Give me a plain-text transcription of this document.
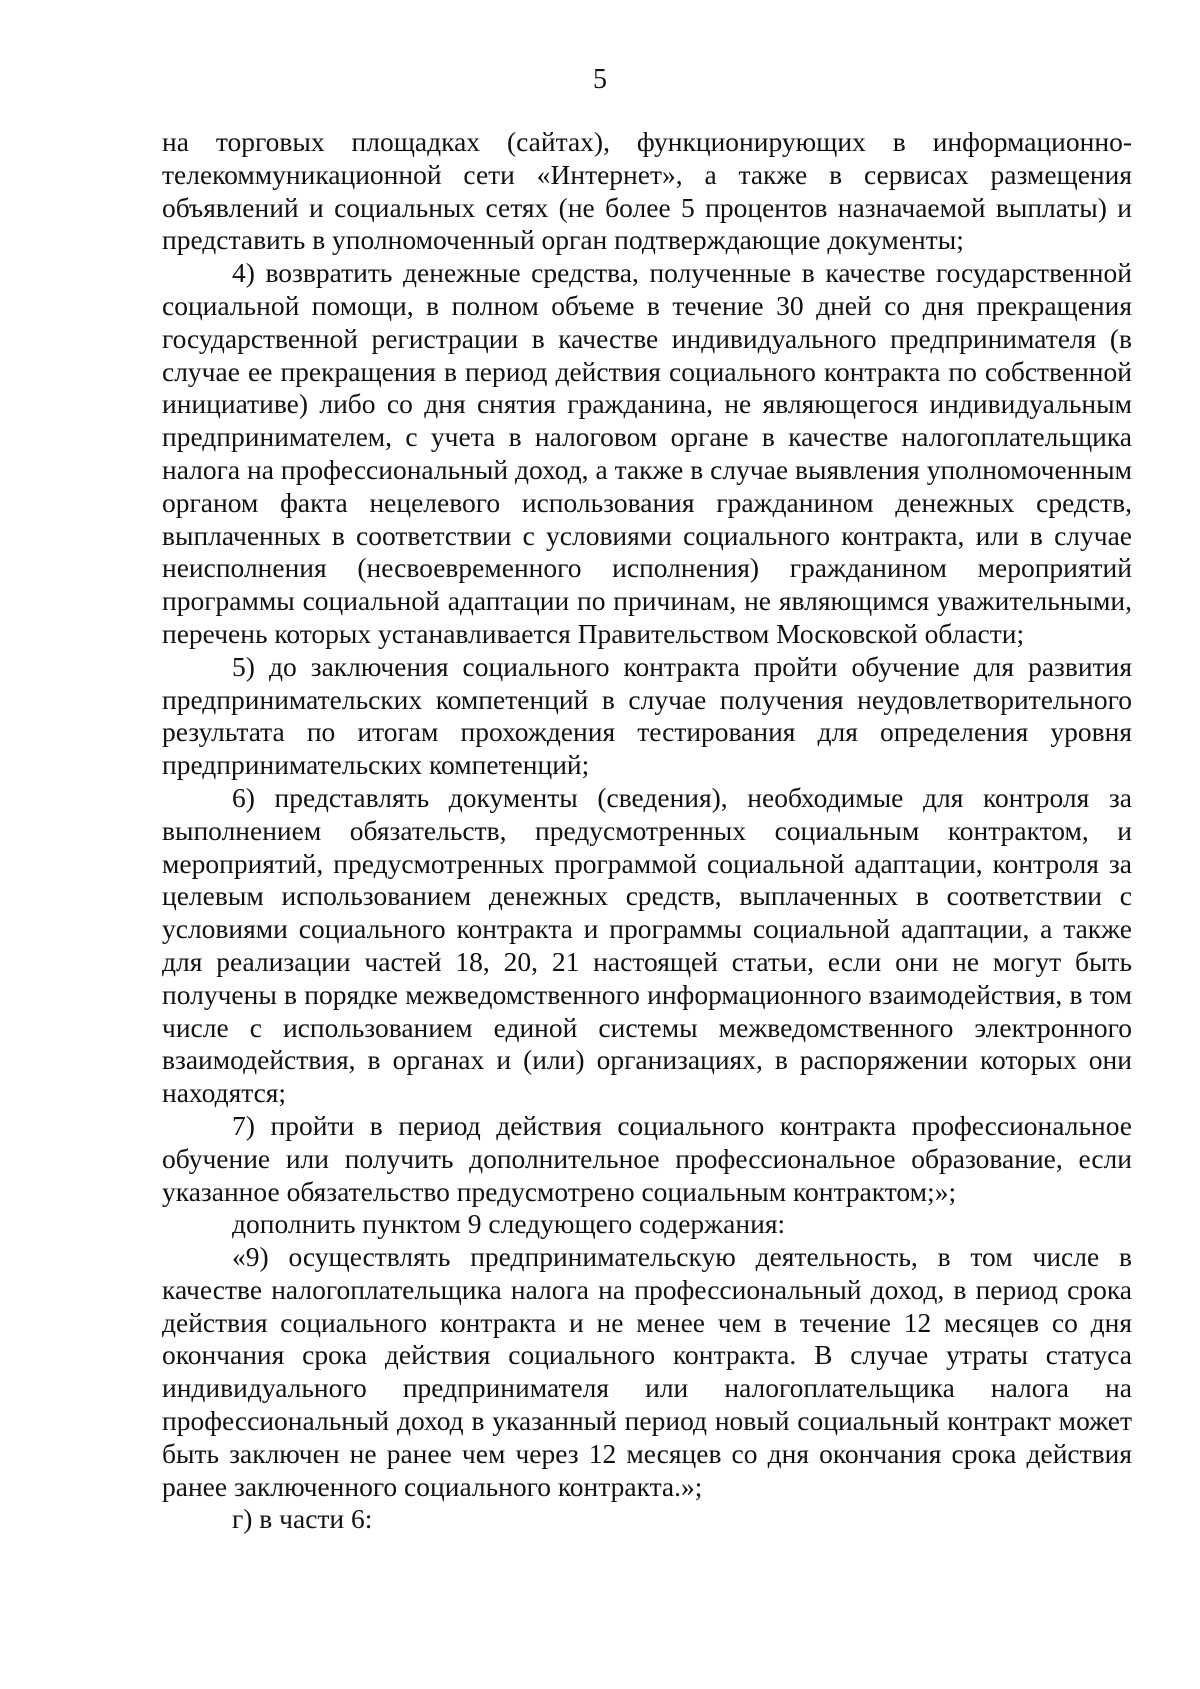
5

на торговых площадках (сайтах), функционирующих в информационно-телекоммуникационной сети «Интернет», а также в сервисах размещения объявлений и социальных сетях (не более 5 процентов назначаемой выплаты) и представить в уполномоченный орган подтверждающие документы;

4) возвратить денежные средства, полученные в качестве государственной социальной помощи, в полном объеме в течение 30 дней со дня прекращения государственной регистрации в качестве индивидуального предпринимателя (в случае ее прекращения в период действия социального контракта по собственной инициативе) либо со дня снятия гражданина, не являющегося индивидуальным предпринимателем, с учета в налоговом органе в качестве налогоплательщика налога на профессиональный доход, а также в случае выявления уполномоченным органом факта нецелевого использования гражданином денежных средств, выплаченных в соответствии с условиями социального контракта, или в случае неисполнения (несвоевременного исполнения) гражданином мероприятий программы социальной адаптации по причинам, не являющимся уважительными, перечень которых устанавливается Правительством Московской области;

5) до заключения социального контракта пройти обучение для развития предпринимательских компетенций в случае получения неудовлетворительного результата по итогам прохождения тестирования для определения уровня предпринимательских компетенций;

6) представлять документы (сведения), необходимые для контроля за выполнением обязательств, предусмотренных социальным контрактом, и мероприятий, предусмотренных программой социальной адаптации, контроля за целевым использованием денежных средств, выплаченных в соответствии с условиями социального контракта и программы социальной адаптации, а также для реализации частей 18, 20, 21 настоящей статьи, если они не могут быть получены в порядке межведомственного информационного взаимодействия, в том числе с использованием единой системы межведомственного электронного взаимодействия, в органах и (или) организациях, в распоряжении которых они находятся;

7) пройти в период действия социального контракта профессиональное обучение или получить дополнительное профессиональное образование, если указанное обязательство предусмотрено социальным контрактом;»;

дополнить пунктом 9 следующего содержания:

«9) осуществлять предпринимательскую деятельность, в том числе в качестве налогоплательщика налога на профессиональный доход, в период срока действия социального контракта и не менее чем в течение 12 месяцев со дня окончания срока действия социального контракта. В случае утраты статуса индивидуального предпринимателя или налогоплательщика налога на профессиональный доход в указанный период новый социальный контракт может быть заключен не ранее чем через 12 месяцев со дня окончания срока действия ранее заключенного социального контракта.»;

г) в части 6:
